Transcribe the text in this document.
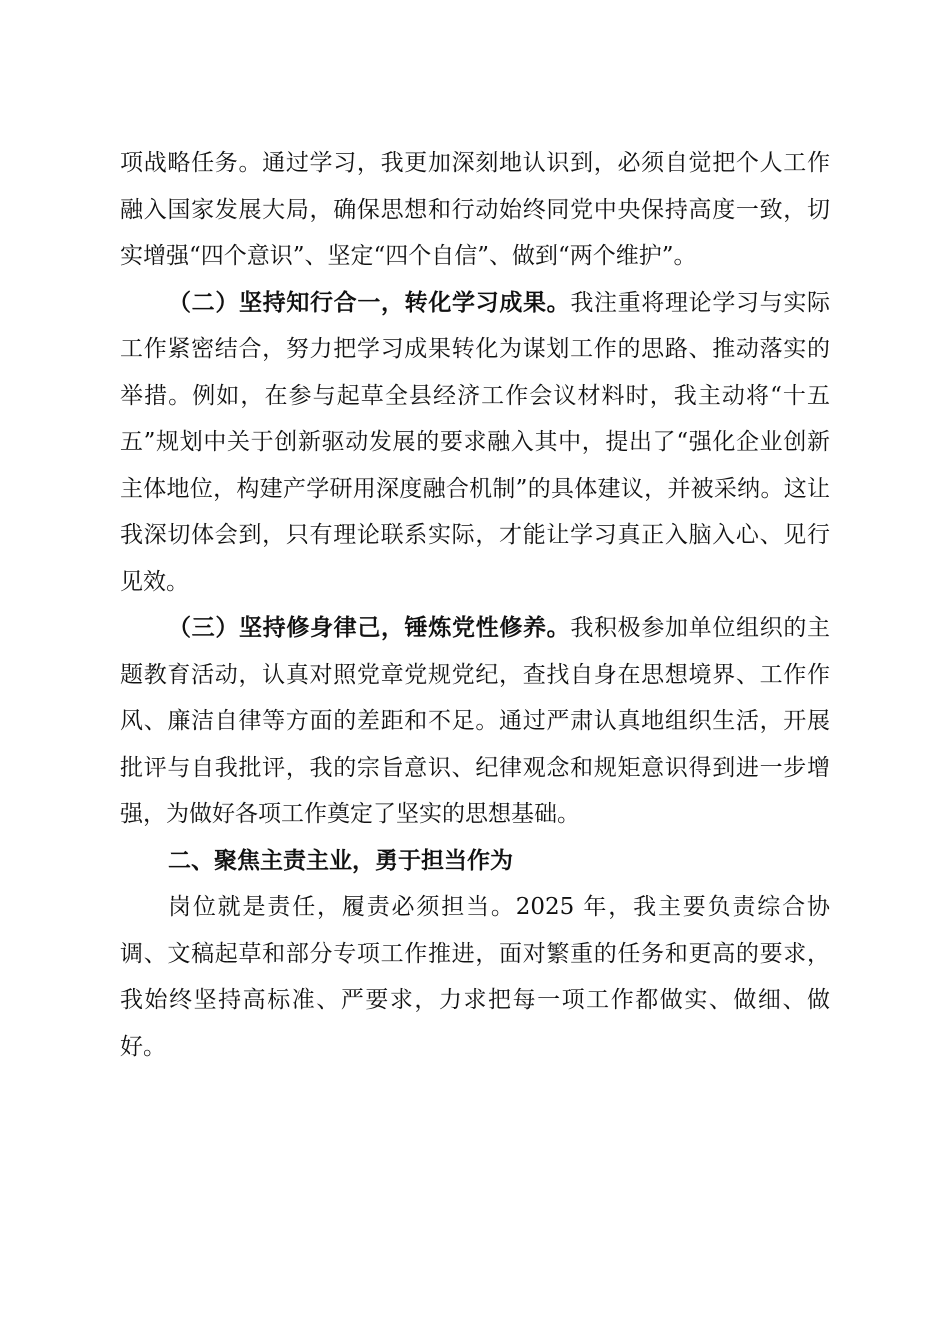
项战略任务。通过学习，我更加深刻地认识到，必须自觉把个人工作融入国家发展大局，确保思想和行动始终同党中央保持高度一致，切实增强“四个意识”、坚定“四个自信”、做到“两个维护”。

（二）坚持知行合一，转化学习成果。我注重将理论学习与实际工作紧密结合，努力把学习成果转化为谋划工作的思路、推动落实的举措。例如，在参与起草全县经济工作会议材料时，我主动将“十五五”规划中关于创新驱动发展的要求融入其中，提出了“强化企业创新主体地位，构建产学研用深度融合机制”的具体建议，并被采纳。这让我深切体会到，只有理论联系实际，才能让学习真正入脑入心、见行见效。

（三）坚持修身律己，锤炼党性修养。我积极参加单位组织的主题教育活动，认真对照党章党规党纪，查找自身在思想境界、工作作风、廉洁自律等方面的差距和不足。通过严肃认真地组织生活，开展批评与自我批评，我的宗旨意识、纪律观念和规矩意识得到进一步增强，为做好各项工作奠定了坚实的思想基础。

二、聚焦主责主业，勇于担当作为

岗位就是责任，履责必须担当。2025 年，我主要负责综合协调、文稿起草和部分专项工作推进，面对繁重的任务和更高的要求，我始终坚持高标准、严要求，力求把每一项工作都做实、做细、做好。
